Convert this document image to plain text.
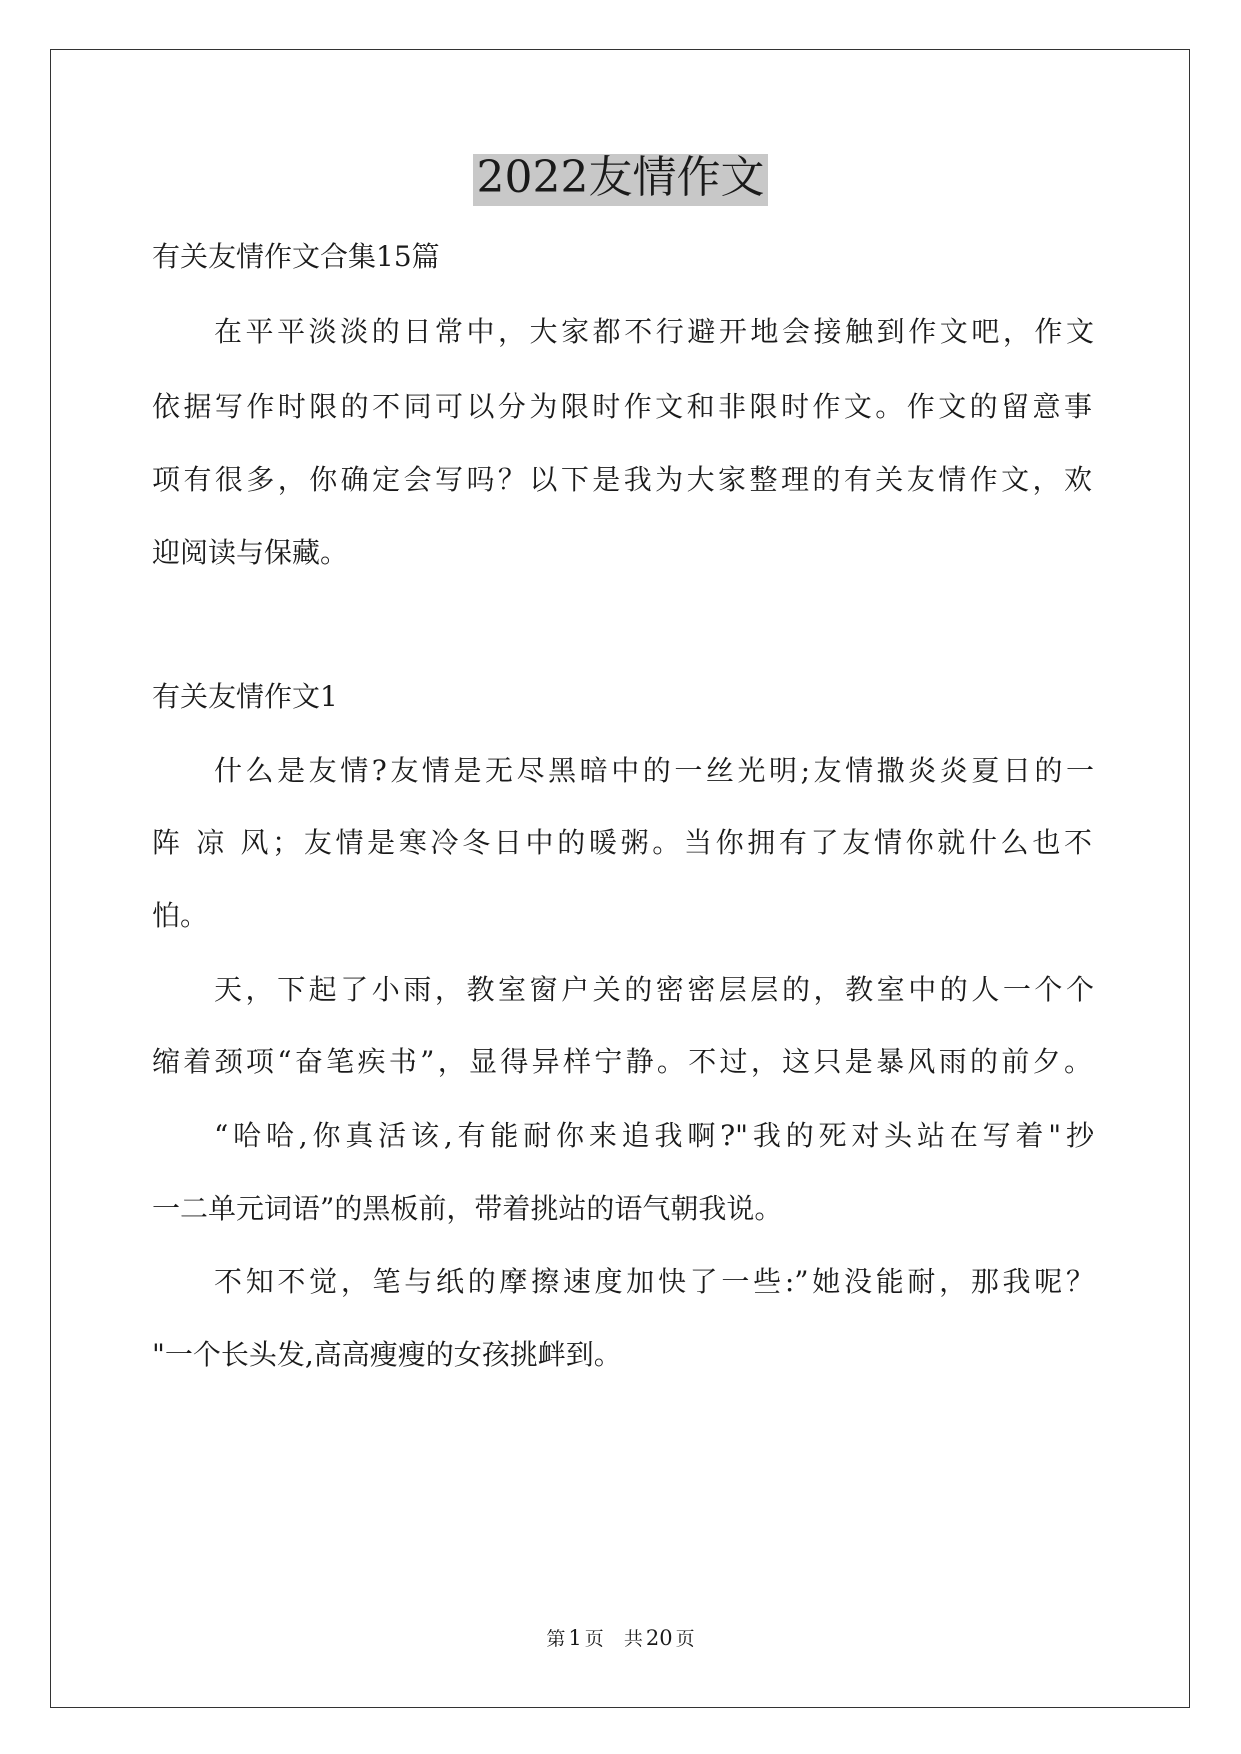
2022友情作文

有关友情作文合集15篇

在平平淡淡的日常中，大家都不行避开地会接触到作文吧，作文

依据写作时限的不同可以分为限时作文和非限时作文。作文的留意事

项有很多，你确定会写吗？以下是我为大家整理的有关友情作文，欢

迎阅读与保藏。

有关友情作文1

什么是友情?友情是无尽黑暗中的一丝光明;友情撒炎炎夏日的一

阵 凉 风；友情是寒冷冬日中的暖粥。当你拥有了友情你就什么也不

怕。

天，下起了小雨，教室窗户关的密密层层的，教室中的人一个个

缩着颈项“奋笔疾书”，显得异样宁静。不过，这只是暴风雨的前夕。

“哈哈,你真活该,有能耐你来追我啊?"我的死对头站在写着"抄

一二单元词语”的黑板前，带着挑站的语气朝我说。

不知不觉，笔与纸的摩擦速度加快了一些:”她没能耐，那我呢？

"一个长头发,高高瘦瘦的女孩挑衅到。

第 1 页 共 20 页
